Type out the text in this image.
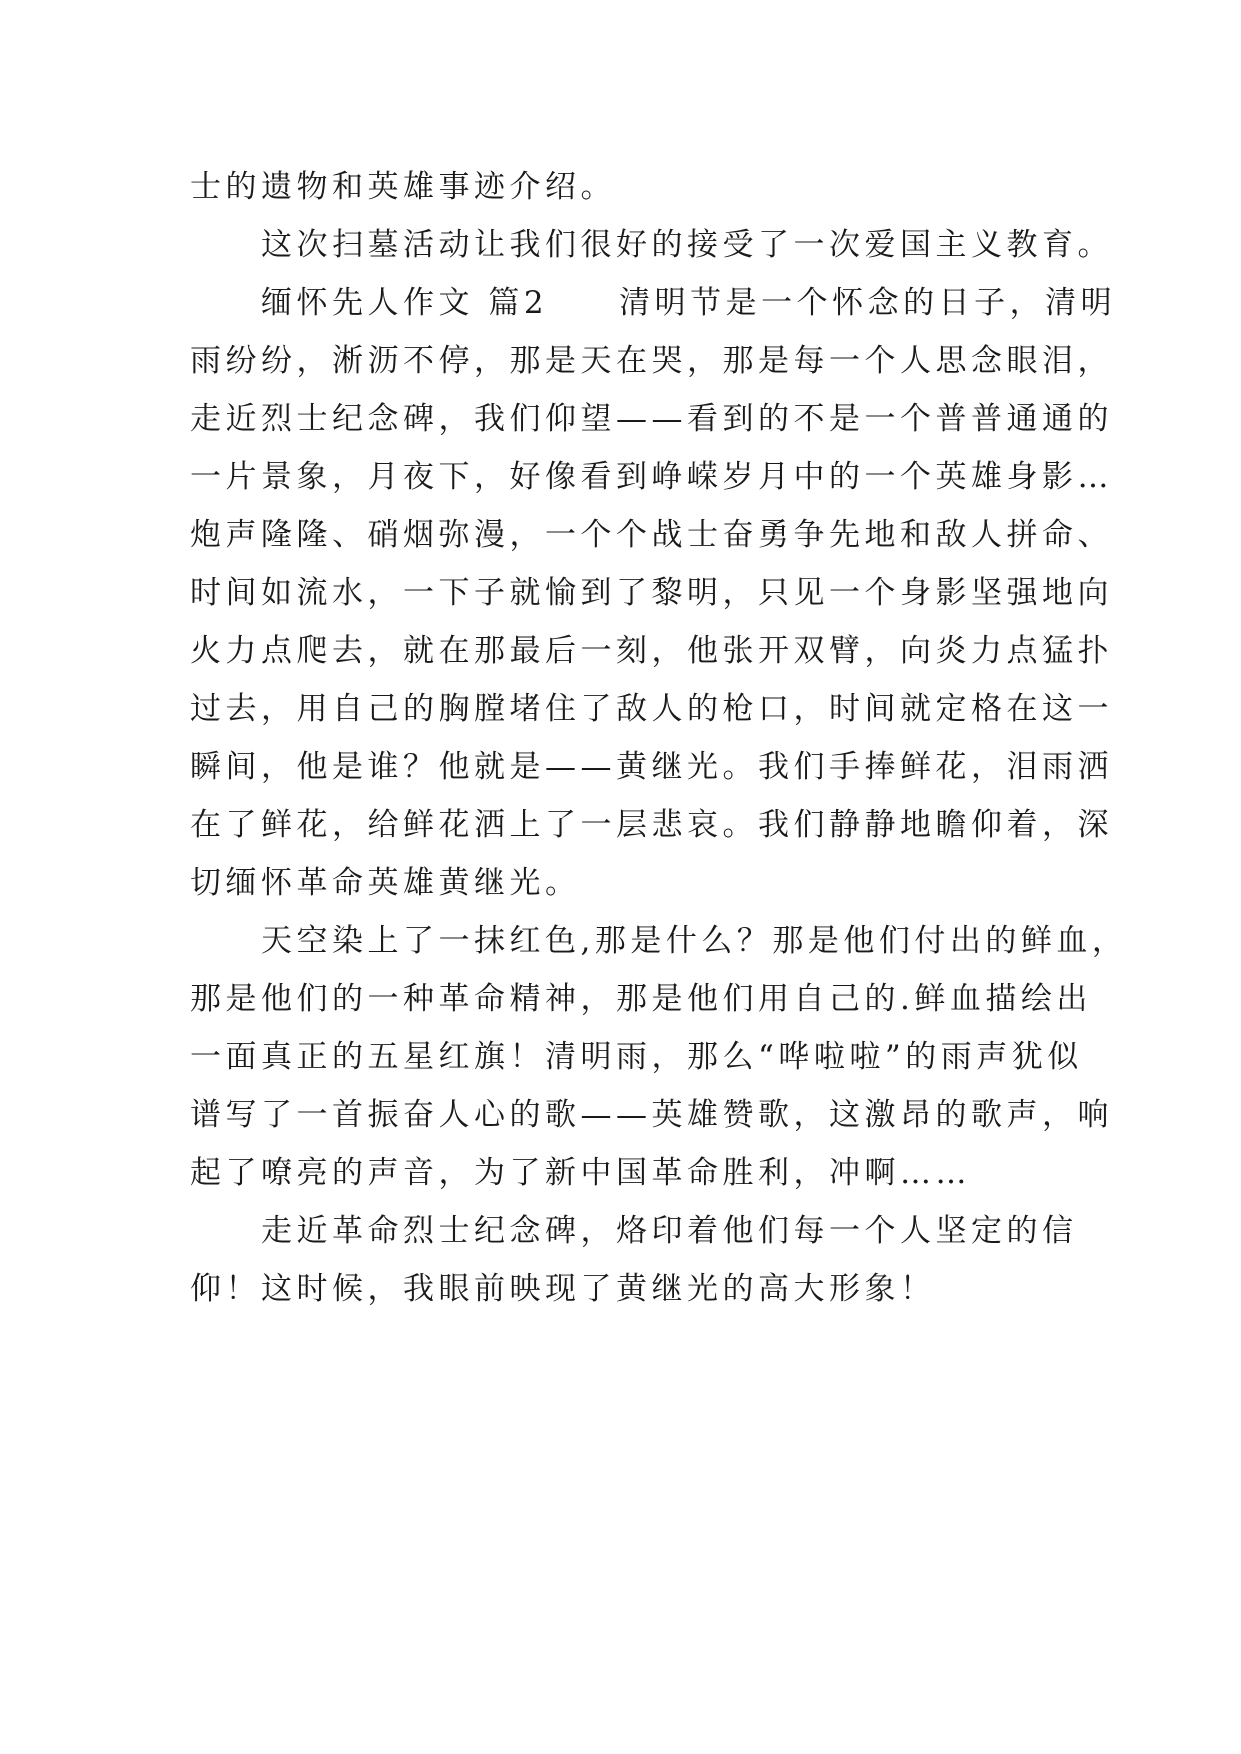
士的遗物和英雄事迹介绍。
　　这次扫墓活动让我们很好的接受了一次爱国主义教育。
　　缅怀先人作文 篇2　　清明节是一个怀念的日子，清明
雨纷纷，淅沥不停，那是天在哭，那是每一个人思念眼泪，
走近烈士纪念碑，我们仰望——看到的不是一个普普通通的
一片景象，月夜下，好像看到峥嵘岁月中的一个英雄身影…
炮声隆隆、硝烟弥漫，一个个战士奋勇争先地和敌人拼命、
时间如流水，一下子就愉到了黎明，只见一个身影坚强地向
火力点爬去，就在那最后一刻，他张开双臂，向炎力点猛扑
过去，用自己的胸膛堵住了敌人的枪口，时间就定格在这一
瞬间，他是谁？他就是——黄继光。我们手捧鲜花，泪雨洒
在了鲜花，给鲜花洒上了一层悲哀。我们静静地瞻仰着，深
切缅怀革命英雄黄继光。
　　天空染上了一抹红色,那是什么？那是他们付出的鲜血，
那是他们的一种革命精神，那是他们用自己的.鲜血描绘出
一面真正的五星红旗！清明雨，那么“哗啦啦”的雨声犹似
谱写了一首振奋人心的歌——英雄赞歌，这激昂的歌声，响
起了嘹亮的声音，为了新中国革命胜利，冲啊……
　　走近革命烈士纪念碑，烙印着他们每一个人坚定的信
仰！这时候，我眼前映现了黄继光的高大形象！
